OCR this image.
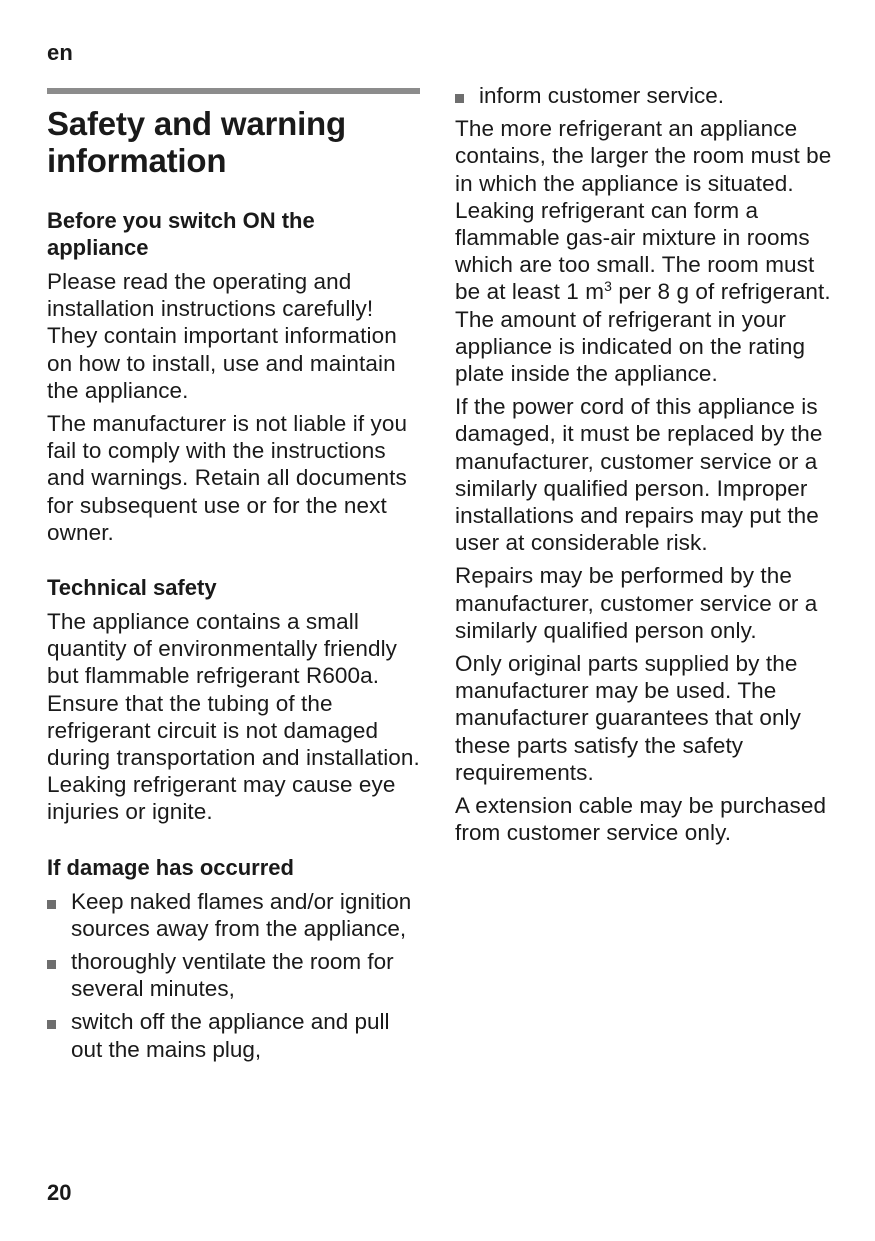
en
Safety and warning information
Before you switch ON the appliance

Please read the operating and installation instructions carefully! They contain important information on how to install, use and maintain the appliance.

The manufacturer is not liable if you fail to comply with the instructions and warnings. Retain all documents for subsequent use or for the next owner.

Technical safety

The appliance contains a small quantity of environmentally friendly but flammable refrigerant R600a. Ensure that the tubing of the refrigerant circuit is not damaged during transportation and installation. Leaking refrigerant may cause eye injuries or ignite.

If damage has occurred
Keep naked flames and/or ignition sources away from the appliance,
thoroughly ventilate the room for several minutes,
switch off the appliance and pull out the mains plug,
inform customer service.

The more refrigerant an appliance contains, the larger the room must be in which the appliance is situated. Leaking refrigerant can form a flammable gas-air mixture in rooms which are too small. The room must be at least 1 $m^3$ per 8 g of refrigerant. The amount of refrigerant in your appliance is indicated on the rating plate inside the appliance.

If the power cord of this appliance is damaged, it must be replaced by the manufacturer, customer service or a similarly qualified person. Improper installations and repairs may put the user at considerable risk.

Repairs may be performed by the manufacturer, customer service or a similarly qualified person only.

Only original parts supplied by the manufacturer may be used. The manufacturer guarantees that only these parts satisfy the safety requirements.

A extension cable may be purchased from customer service only.

20
